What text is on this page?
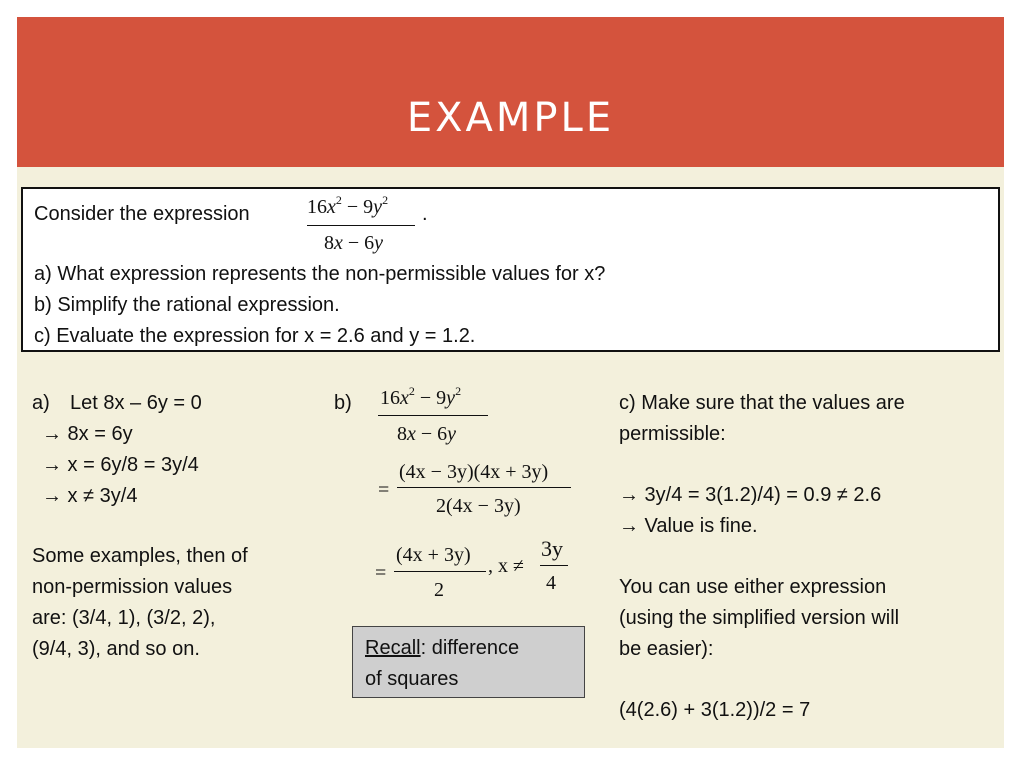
EXAMPLE
Consider the expression	$16x^2 - 9y^2$
8x − 6y
.
a) What expression represents the non-permissible values for x?
b) Simplify the rational expression.
c) Evaluate the expression for x = 2.6 and y = 1.2.
a) Let 8x – 6y = 0
→ 8x = 6y
→ x = 6y/8 = 3y/4
→ x ≠ 3y/4
Some examples, then of
non-permission values
are: (3/4, 1), (3/2, 2),
(9/4, 3), and so on.
b) $16x^2 - 9y^2$
8x − 6y
=
(4x − 3y)(4x + 3y)
2(4x − 3y)
=
(4x + 3y)
2
, x ≠
3y
4
Recall: difference
of squares
c) Make sure that the values are
permissible:
→ 3y/4 = 3(1.2)/4) = 0.9 ≠ 2.6
→ Value is fine.
You can use either expression
(using the simplified version will
be easier):
(4(2.6) + 3(1.2))/2 = 7
